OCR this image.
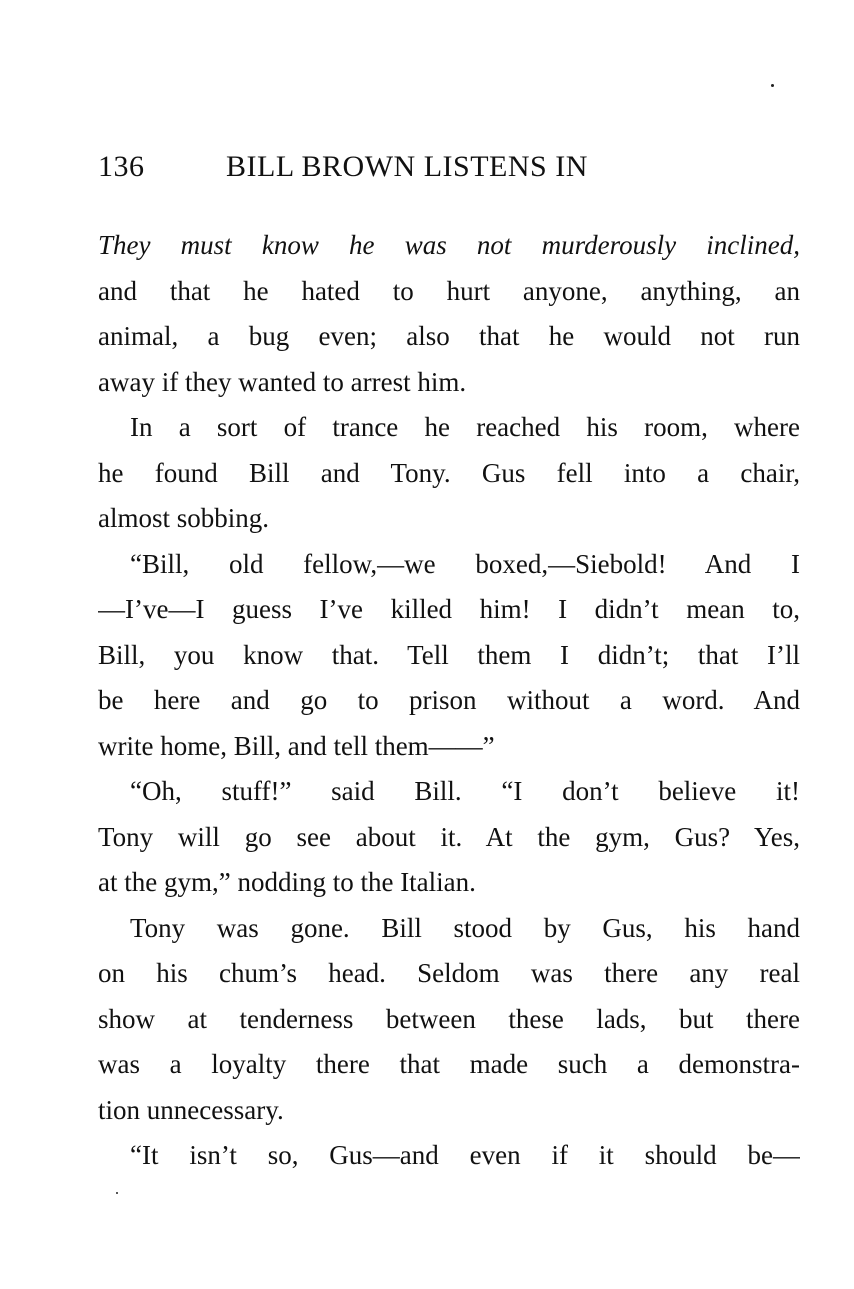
136	BILL BROWN LISTENS IN
They must know he was not murderously inclined,
and that he hated to hurt anyone, anything, an
animal, a bug even; also that he would not run
away if they wanted to arrest him.
In a sort of trance he reached his room, where
he found Bill and Tony. Gus fell into a chair,
almost sobbing.
“Bill, old fellow,—we boxed,—Siebold! And I
—I’ve—I guess I’ve killed him! I didn’t mean to,
Bill, you know that. Tell them I didn’t; that I’ll
be here and go to prison without a word. And
write home, Bill, and tell them——”
“Oh, stuff!” said Bill. “I don’t believe it!
Tony will go see about it. At the gym, Gus? Yes,
at the gym,” nodding to the Italian.
Tony was gone. Bill stood by Gus, his hand
on his chum’s head. Seldom was there any real
show at tenderness between these lads, but there
was a loyalty there that made such a demonstra-
tion unnecessary.
“It isn’t so, Gus—and even if it should be—
